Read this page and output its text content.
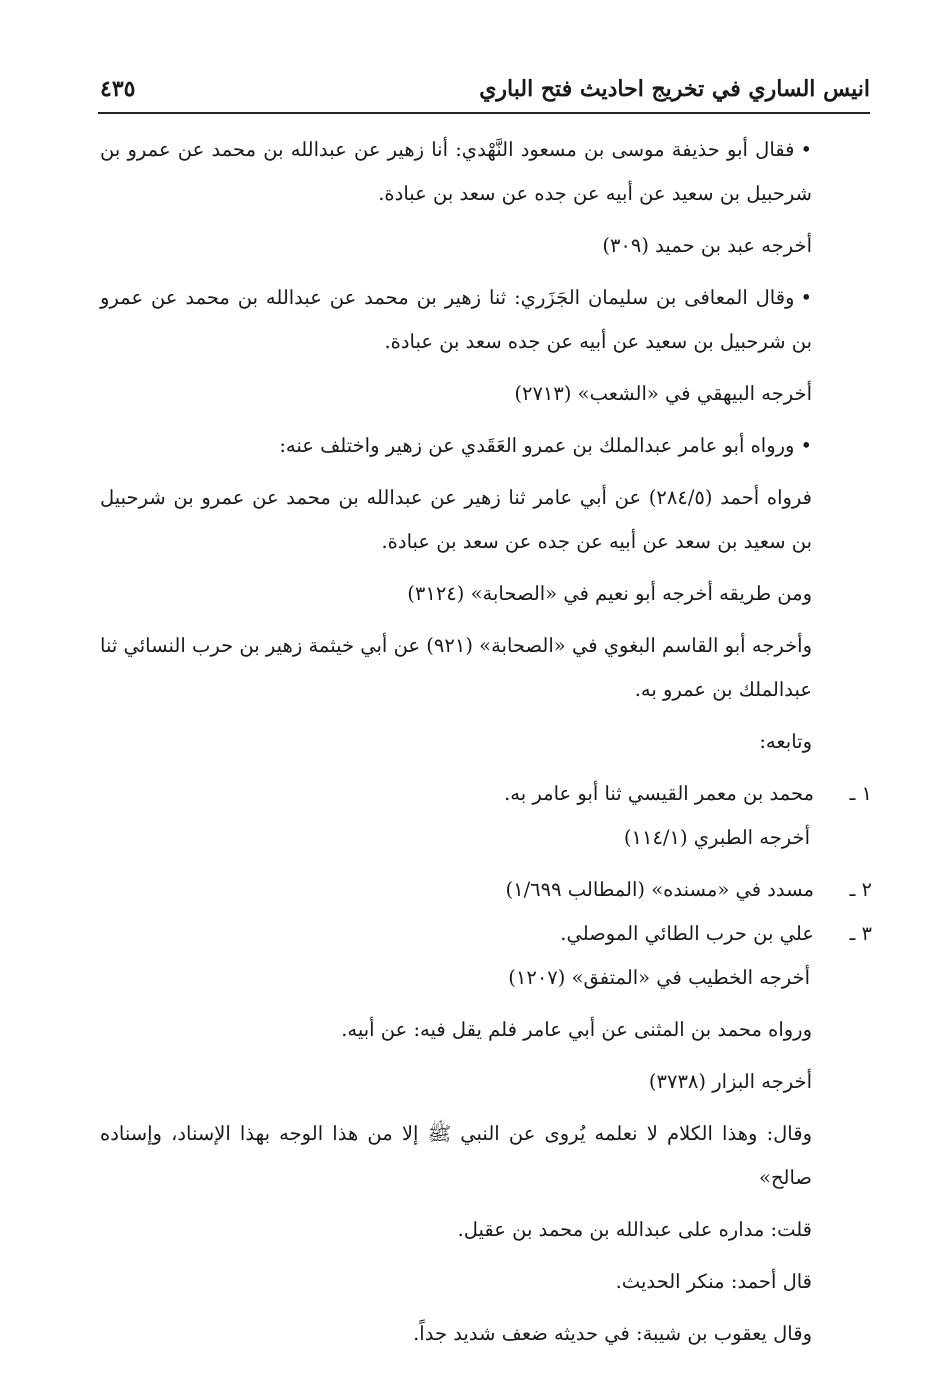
انيس الساري في تخريج احاديث فتح الباري
٤٣٥

•فقال أبو حذيفة موسى بن مسعود النَّهْدي: أنا زهير عن عبدالله بن محمد عن عمرو بن شرحبيل بن سعيد عن أبيه عن جده عن سعد بن عبادة.

أخرجه عبد بن حميد (٣٠٩)

•وقال المعافى بن سليمان الجَزَري: ثنا زهير بن محمد عن عبدالله بن محمد عن عمرو بن شرحبيل بن سعيد عن أبيه عن جده سعد بن عبادة.

أخرجه البيهقي في «الشعب» (٢٧١٣)

•ورواه أبو عامر عبدالملك بن عمرو العَقَدي عن زهير واختلف عنه:

فرواه أحمد (٢٨٤/٥) عن أبي عامر ثنا زهير عن عبدالله بن محمد عن عمرو بن شرحبيل بن سعيد بن سعد عن أبيه عن جده عن سعد بن عبادة.

ومن طريقه أخرجه أبو نعيم في «الصحابة» (٣١٢٤)

وأخرجه أبو القاسم البغوي في «الصحابة» (٩٢١) عن أبي خيثمة زهير بن حرب النسائي ثنا عبدالملك بن عمرو به.

وتابعه:

١ ـ
محمد بن معمر القيسي ثنا أبو عامر به.

أخرجه الطبري (١١٤/١)

٢ ـ
مسدد في «مسنده» (المطالب ١/٦٩٩)
٣ ـ
علي بن حرب الطائي الموصلي.

أخرجه الخطيب في «المتفق» (١٢٠٧)

ورواه محمد بن المثنى عن أبي عامر فلم يقل فيه: عن أبيه.

أخرجه البزار (٣٧٣٨)

وقال: وهذا الكلام لا نعلمه يُروى عن النبي ﷺ إلا من هذا الوجه بهذا الإسناد، وإسناده صالح»

قلت: مداره على عبدالله بن محمد بن عقيل.

قال أحمد: منكر الحديث.

وقال يعقوب بن شيبة: في حديثه ضعف شديد جداً.
